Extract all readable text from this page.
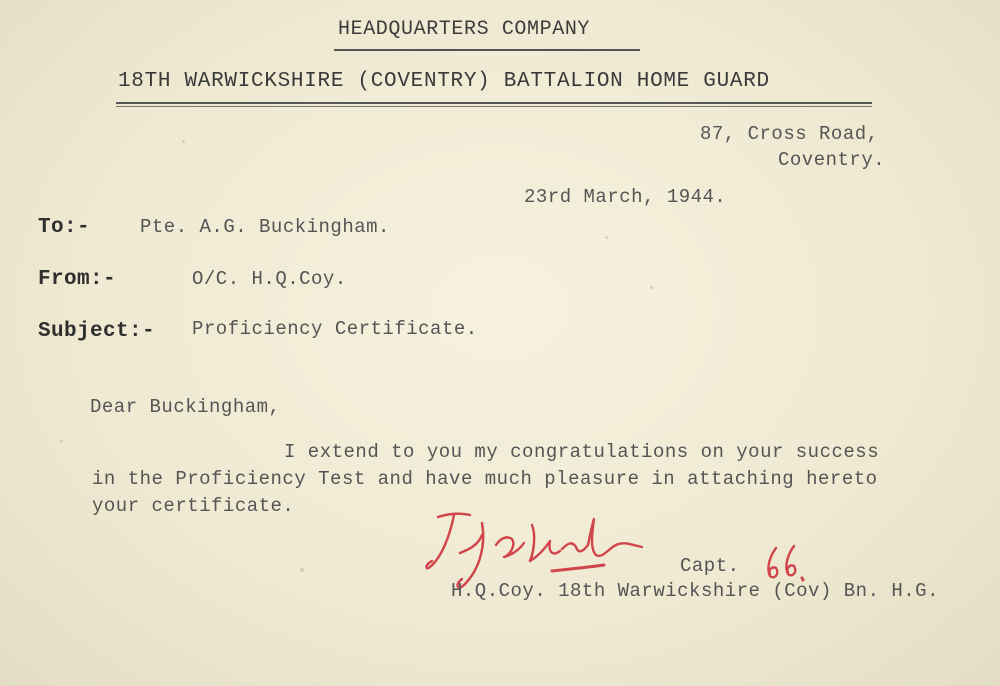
HEADQUARTERS COMPANY
18TH WARWICKSHIRE (COVENTRY) BATTALION HOME GUARD
87, Cross Road,
Coventry.
23rd March, 1944.
To:-	Pte. A.G. Buckingham.
From:-	O/C. H.Q.Coy.
Subject:- Proficiency Certificate.
Dear Buckingham,
I extend to you my congratulations on your success
in the Proficiency Test and have much pleasure in attaching hereto
your certificate.
Capt.
H.Q.Coy. 18th Warwickshire (Cov) Bn. H.G.
